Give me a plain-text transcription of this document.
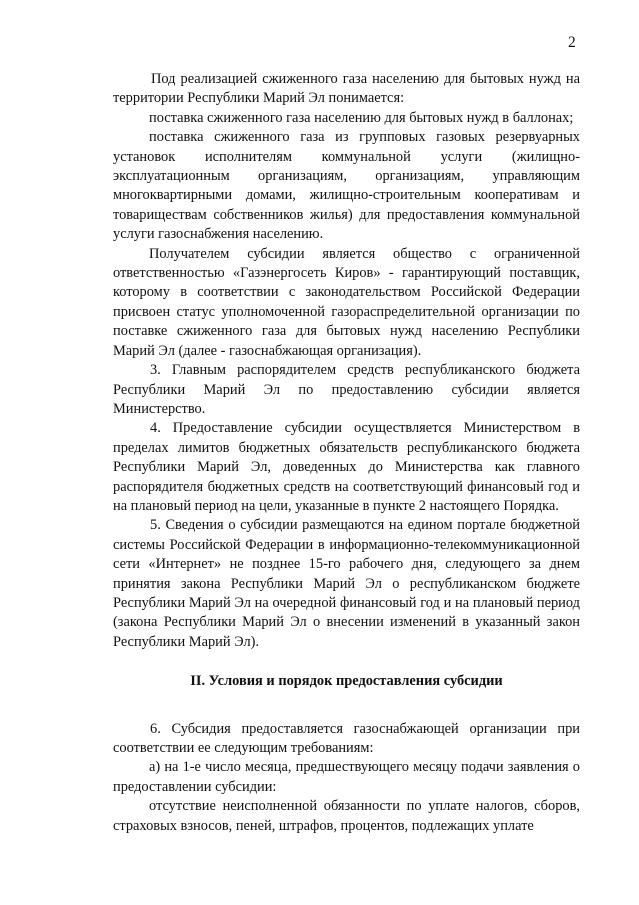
2

Под реализацией сжиженного газа населению для бытовых нужд на территории Республики Марий Эл понимается:

поставка сжиженного газа населению для бытовых нужд в баллонах;

поставка сжиженного газа из групповых газовых резервуарных установок исполнителям коммунальной услуги (жилищно-эксплуатационным организациям, организациям, управляющим многоквартирными домами, жилищно-строительным кооперативам и товариществам собственников жилья) для предоставления коммунальной услуги газоснабжения населению.

Получателем субсидии является общество с ограниченной ответственностью «Газэнергосеть Киров» - гарантирующий поставщик, которому в соответствии с законодательством Российской Федерации присвоен статус уполномоченной газораспределительной организации по поставке сжиженного газа для бытовых нужд населению Республики Марий Эл (далее - газоснабжающая организация).

3. Главным распорядителем средств республиканского бюджета Республики Марий Эл по предоставлению субсидии является Министерство.

4. Предоставление субсидии осуществляется Министерством в пределах лимитов бюджетных обязательств республиканского бюджета Республики Марий Эл, доведенных до Министерства как главного распорядителя бюджетных средств на соответствующий финансовый год и на плановый период на цели, указанные в пункте 2 настоящего Порядка.

5. Сведения о субсидии размещаются на едином портале бюджетной системы Российской Федерации в информационно-телекоммуникационной сети «Интернет» не позднее 15-го рабочего дня, следующего за днем принятия закона Республики Марий Эл о республиканском бюджете Республики Марий Эл на очередной финансовый год и на плановый период (закона Республики Марий Эл о внесении изменений в указанный закон Республики Марий Эл).

II. Условия и порядок предоставления субсидии

6. Субсидия предоставляется газоснабжающей организации при соответствии ее следующим требованиям:

а) на 1-е число месяца, предшествующего месяцу подачи заявления о предоставлении субсидии:

отсутствие неисполненной обязанности по уплате налогов, сборов, страховых взносов, пеней, штрафов, процентов, подлежащих уплате
